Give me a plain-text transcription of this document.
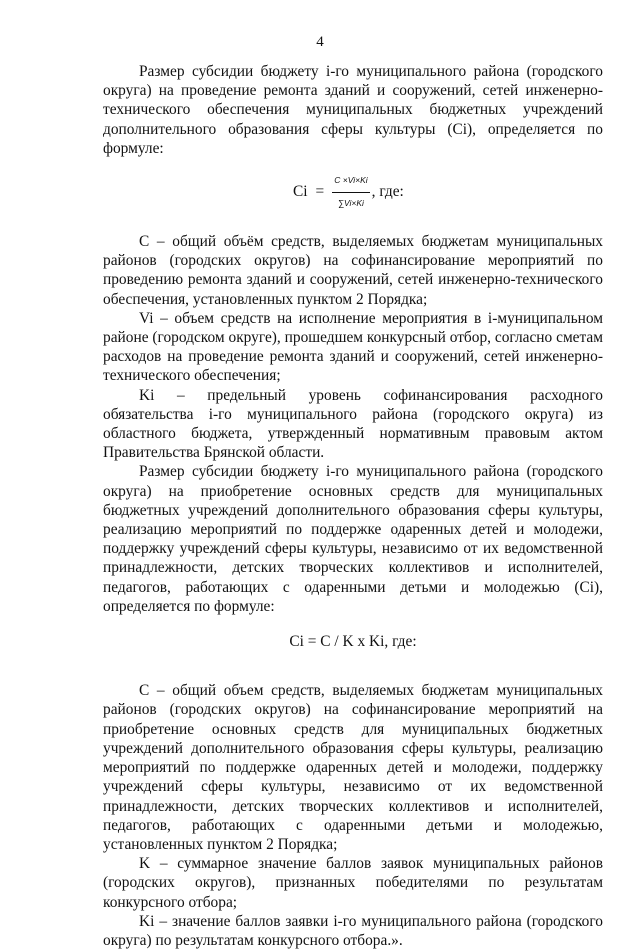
4

Размер субсидии бюджету i-го муниципального района (городского округа) на проведение ремонта зданий и сооружений, сетей инженерно-технического обеспечения муниципальных бюджетных учреждений дополнительного образования сферы культуры (Ci), определяется по формуле:

$Ci = \frac{C \times Vi\times Ki}{\sum Vi\times Ki}$ , где:

C – общий объём средств, выделяемых бюджетам муниципальных районов (городских округов) на софинансирование мероприятий по проведению ремонта зданий и сооружений, сетей инженерно-технического обеспечения, установленных пунктом 2 Порядка;

Vi – объем средств на исполнение мероприятия в i-муниципальном районе (городском округе), прошедшем конкурсный отбор, согласно сметам расходов на проведение ремонта зданий и сооружений, сетей инженерно-технического обеспечения;

Ki – предельный уровень софинансирования расходного обязательства i-го муниципального района (городского округа) из областного бюджета, утвержденный нормативным правовым актом Правительства Брянской области.

Размер субсидии бюджету i-го муниципального района (городского округа) на приобретение основных средств для муниципальных бюджетных учреждений дополнительного образования сферы культуры, реализацию мероприятий по поддержке одаренных детей и молодежи, поддержку учреждений сферы культуры, независимо от их ведомственной принадлежности, детских творческих коллективов и исполнителей, педагогов, работающих с одаренными детьми и молодежью (Ci), определяется по формуле:

Ci = C / K x Ki, где:

С – общий объем средств, выделяемых бюджетам муниципальных районов (городских округов) на софинансирование мероприятий на приобретение основных средств для муниципальных бюджетных учреждений дополнительного образования сферы культуры, реализацию мероприятий по поддержке одаренных детей и молодежи, поддержку учреждений сферы культуры, независимо от их ведомственной принадлежности, детских творческих коллективов и исполнителей, педагогов, работающих с одаренными детьми и молодежью, установленных пунктом 2 Порядка;

K – суммарное значение баллов заявок муниципальных районов (городских округов), признанных победителями по результатам конкурсного отбора;

Ki – значение баллов заявки i-го муниципального района (городского округа) по результатам конкурсного отбора.».
